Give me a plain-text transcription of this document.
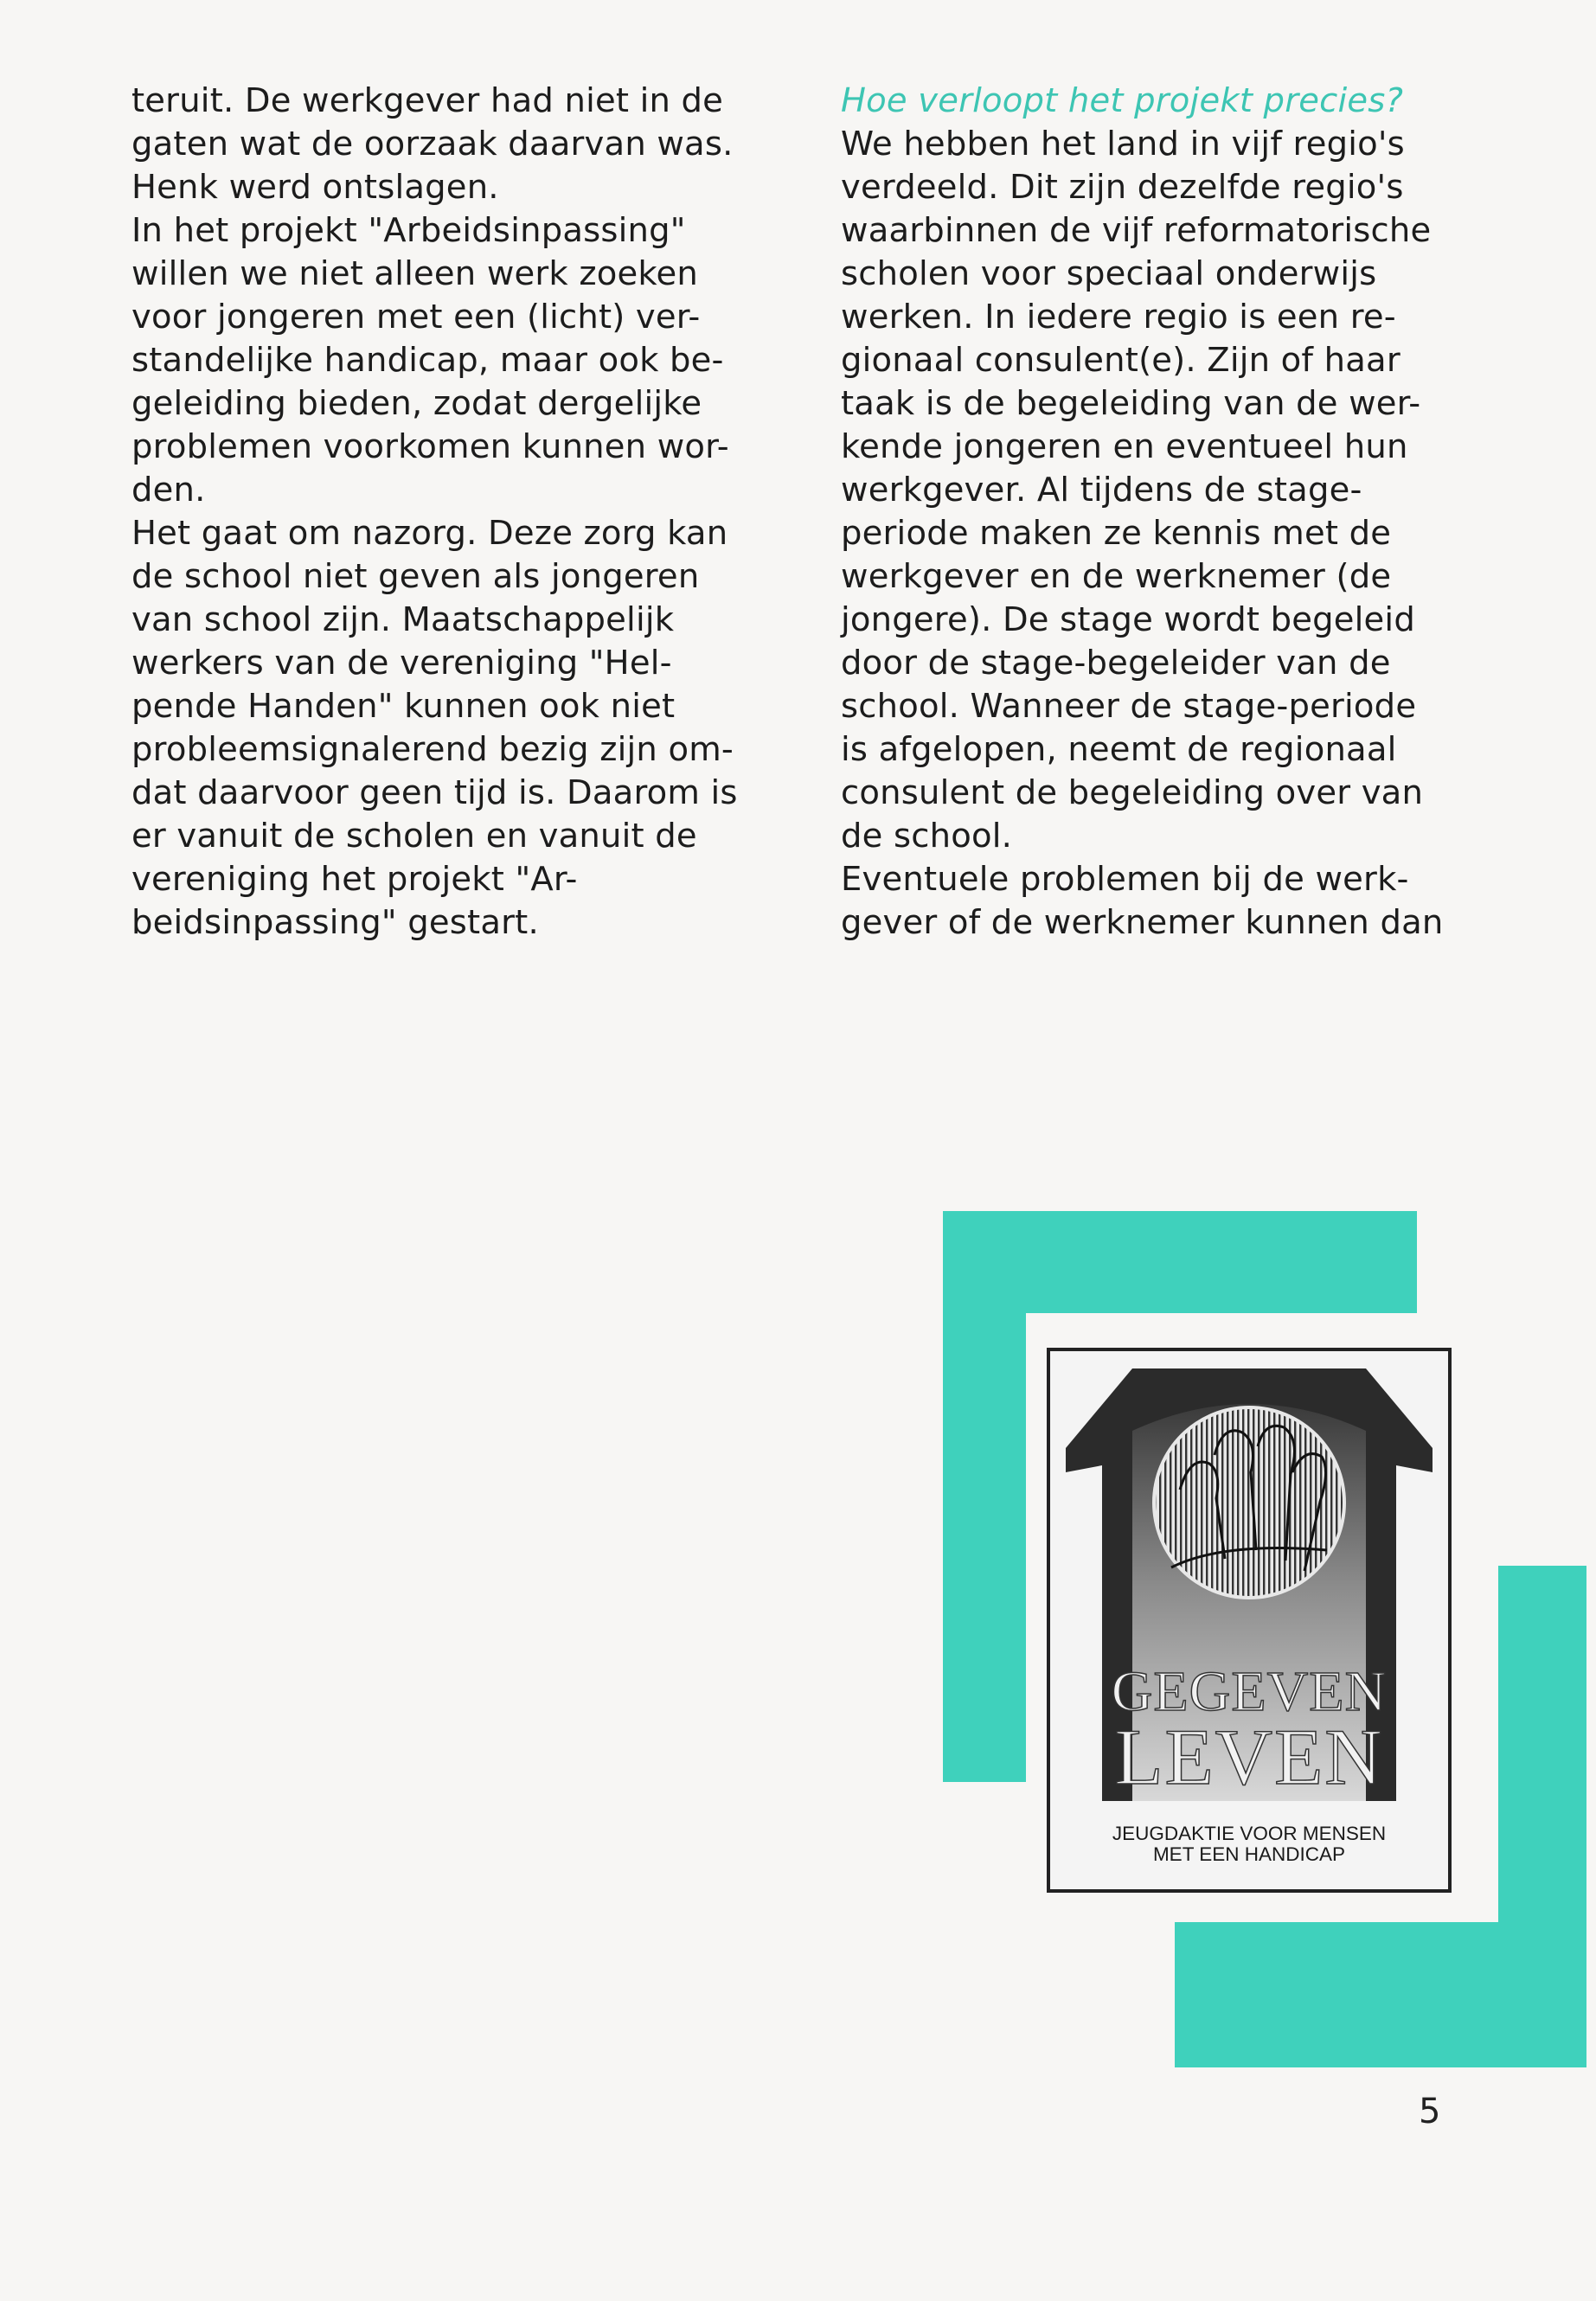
teruit. De werkgever had niet in de
gaten wat de oorzaak daarvan was.
Henk werd ontslagen.
In het projekt "Arbeidsinpassing"
willen we niet alleen werk zoeken
voor jongeren met een (licht) ver-
standelijke handicap, maar ook be-
geleiding bieden, zodat dergelijke
problemen voorkomen kunnen wor-
den.
Het gaat om nazorg. Deze zorg kan
de school niet geven als jongeren
van school zijn. Maatschappelijk
werkers van de vereniging "Hel-
pende Handen" kunnen ook niet
probleemsignalerend bezig zijn om-
dat daarvoor geen tijd is. Daarom is
er vanuit de scholen en vanuit de
vereniging het projekt "Ar-
beidsinpassing" gestart.
Hoe verloopt het projekt precies?
We hebben het land in vijf regio's
verdeeld. Dit zijn dezelfde regio's
waarbinnen de vijf reformatorische
scholen voor speciaal onderwijs
werken. In iedere regio is een re-
gionaal consulent(e). Zijn of haar
taak is de begeleiding van de wer-
kende jongeren en eventueel hun
werkgever. Al tijdens de stage-
periode maken ze kennis met de
werkgever en de werknemer (de
jongere). De stage wordt begeleid
door de stage-begeleider van de
school. Wanneer de stage-periode
is afgelopen, neemt de regionaal
consulent de begeleiding over van
de school.
Eventuele problemen bij de werk-
gever of de werknemer kunnen dan
GEGEVEN
LEVEN
JEUGDAKTIE VOOR MENSEN
MET EEN HANDICAP
5
